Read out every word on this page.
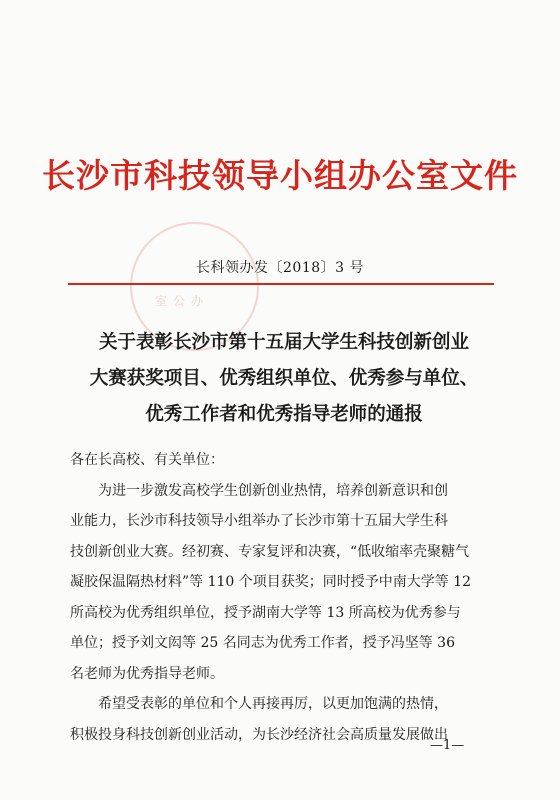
长沙市科技领导小组办公室文件
室公办
长科领办发〔2018〕3 号
关于表彰长沙市第十五届大学生科技创新创业
大赛获奖项目、优秀组织单位、优秀参与单位、
优秀工作者和优秀指导老师的通报
各在长高校、有关单位：
　　为进一步激发高校学生创新创业热情，培养创新意识和创
业能力，长沙市科技领导小组举办了长沙市第十五届大学生科
技创新创业大赛。经初赛、专家复评和决赛，“低收缩率壳聚糖气
凝胶保温隔热材料”等 110 个项目获奖；同时授予中南大学等 12
所高校为优秀组织单位，授予湖南大学等 13 所高校为优秀参与
单位；授予刘文闳等 25 名同志为优秀工作者，授予冯坚等 36
名老师为优秀指导老师。
　　希望受表彰的单位和个人再接再厉，以更加饱满的热情，
积极投身科技创新创业活动，为长沙经济社会高质量发展做出
—1—
